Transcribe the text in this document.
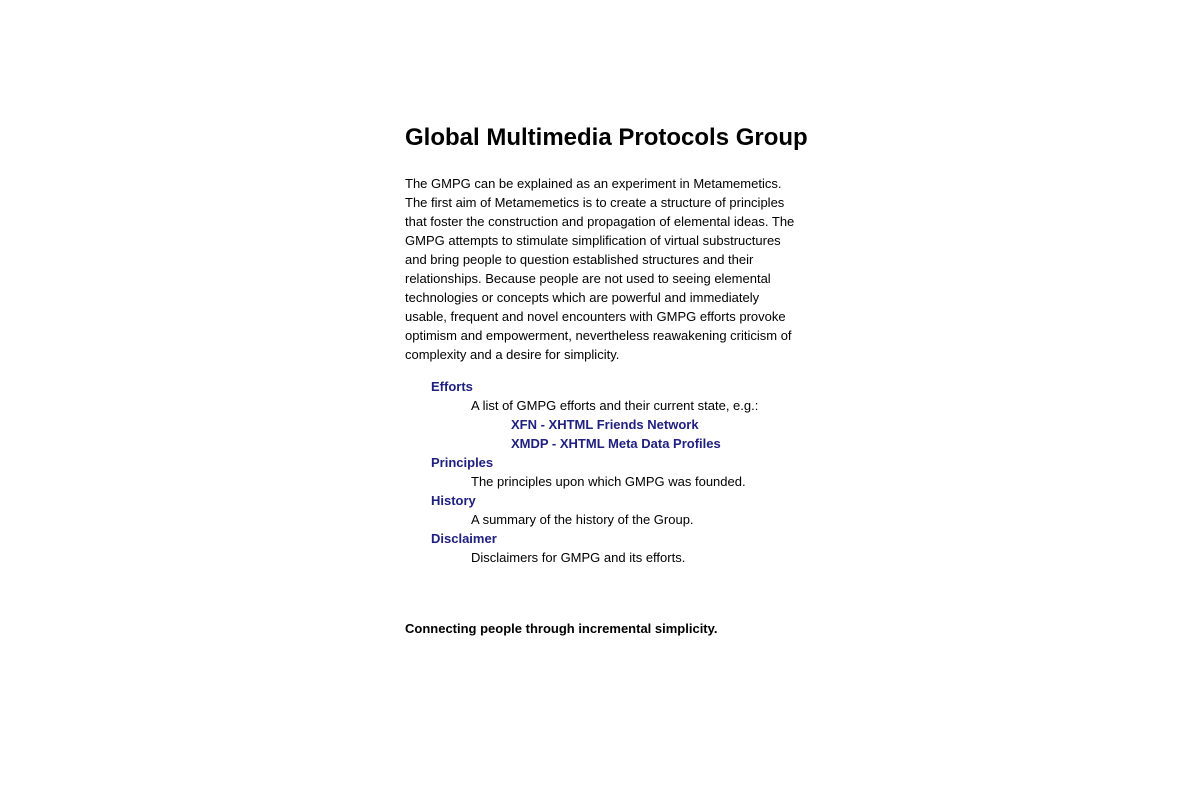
Global Multimedia Protocols Group

The GMPG can be explained as an experiment in Metamemetics. The first aim of Metamemetics is to create a structure of principles that foster the construction and propagation of elemental ideas. The GMPG attempts to stimulate simplification of virtual substructures and bring people to question established structures and their relationships. Because people are not used to seeing elemental technologies or concepts which are powerful and immediately usable, frequent and novel encounters with GMPG efforts provoke optimism and empowerment, nevertheless reawakening criticism of complexity and a desire for simplicity.

Efforts
A list of GMPG efforts and their current state, e.g.:
XFN - XHTML Friends Network
XMDP - XHTML Meta Data Profiles
Principles
The principles upon which GMPG was founded.
History
A summary of the history of the Group.
Disclaimer
Disclaimers for GMPG and its efforts.

Connecting people through incremental simplicity.
